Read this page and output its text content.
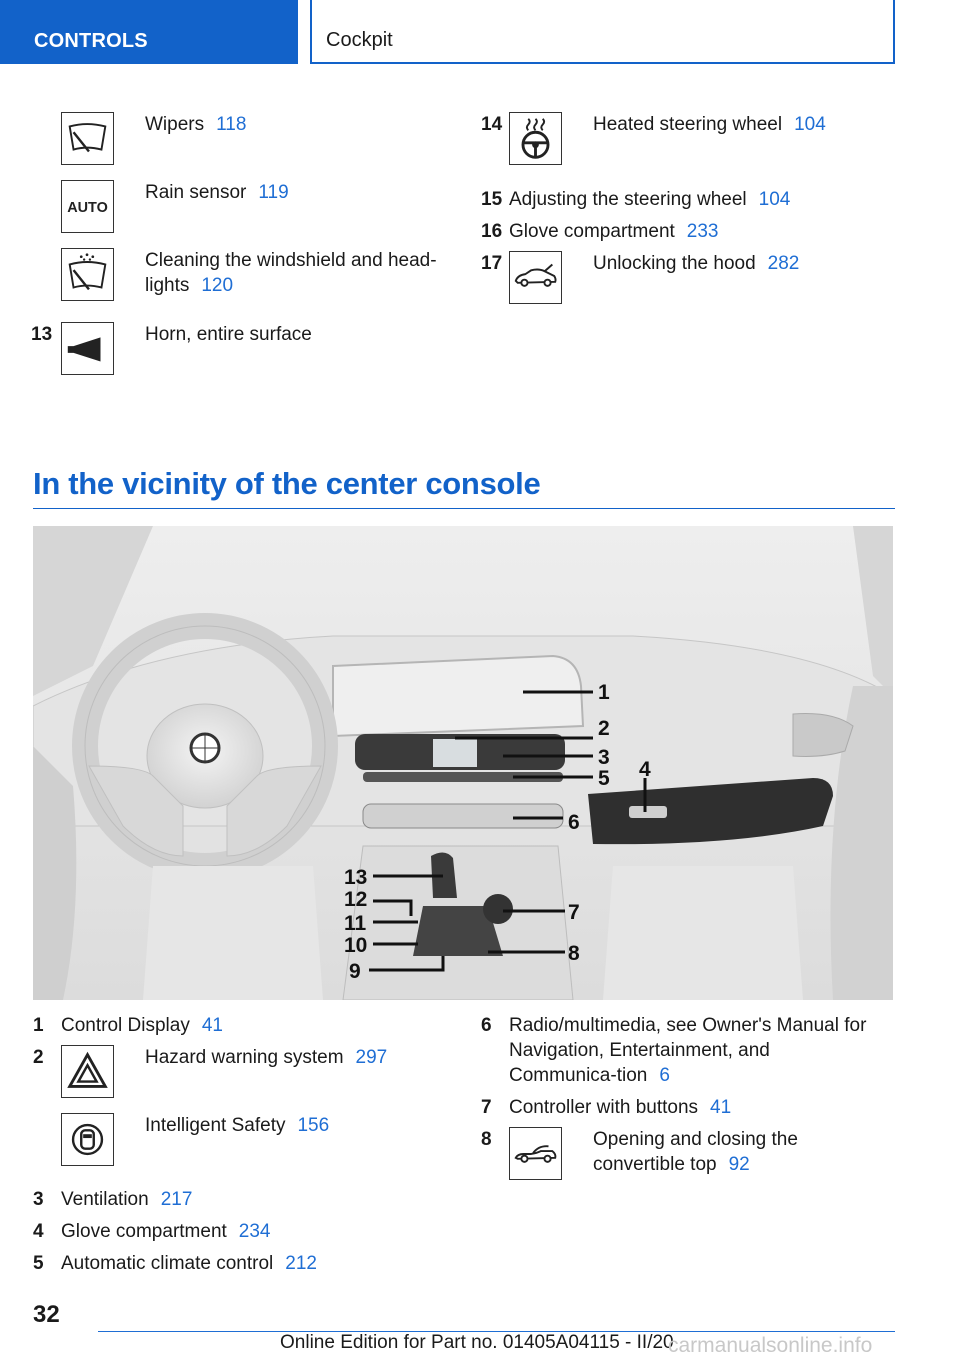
CONTROLS	Cockpit
Wipers 118
AUTO
Rain sensor 119
Cleaning the windshield and head-lights 120
13	Horn, entire surface
14	Heated steering wheel 104
15 Adjusting the steering wheel 104
16 Glove compartment 233
17	Unlocking the hood 282
In the vicinity of the center console
1
2
3
5 4
6
13
12
11
10
9
7
8
1 Control Display 41
2	Hazard warning system 297
Intelligent Safety 156
3 Ventilation 217
4 Glove compartment 234
5 Automatic climate control 212
6 Radio/multimedia, see Owner's Manual for Navigation, Entertainment, and Communica-tion 6
7 Controller with buttons 41
8	Opening and closing the convertible top 92
32
Online Edition for Part no. 01405A04115 - II/20
carmanualsonline.info
